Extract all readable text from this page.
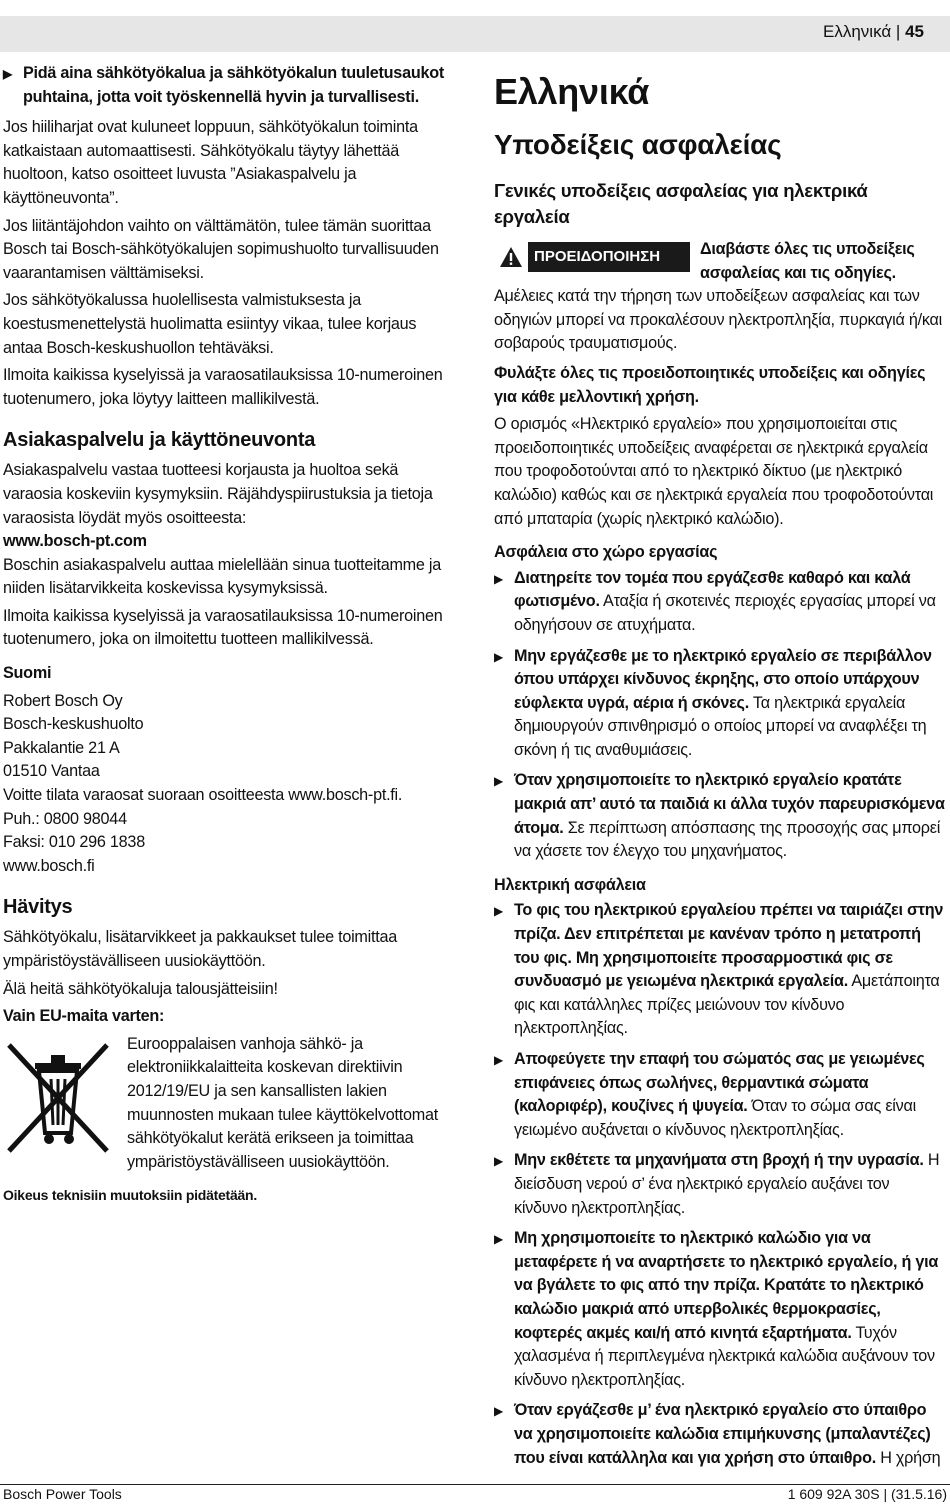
Ελληνικά | 45
▶ Pidä aina sähkötyökalua ja sähkötyökalun tuuletusaukot puhtaina, jotta voit työskennellä hyvin ja turvallisesti.

Jos hiiliharjat ovat kuluneet loppuun, sähkötyökalun toiminta katkaistaan automaattisesti. Sähkötyökalu täytyy lähettää huoltoon, katso osoitteet luvusta ”Asiakaspalvelu ja käyttöneuvonta”.

Jos liitäntäjohdon vaihto on välttämätön, tulee tämän suorittaa Bosch tai Bosch-sähkötyökalujen sopimushuolto turvallisuuden vaarantamisen välttämiseksi.

Jos sähkötyökalussa huolellisesta valmistuksesta ja koestusmenettelystä huolimatta esiintyy vikaa, tulee korjaus antaa Bosch-keskushuollon tehtäväksi.

Ilmoita kaikissa kyselyissä ja varaosatilauksissa 10-numeroinen tuotenumero, joka löytyy laitteen mallikilvestä.

Asiakaspalvelu ja käyttöneuvonta

Asiakaspalvelu vastaa tuotteesi korjausta ja huoltoa sekä varaosia koskeviin kysymyksiin. Räjähdyspiirustuksia ja tietoja varaosista löydät myös osoitteesta:

www.bosch-pt.com

Boschin asiakaspalvelu auttaa mielellään sinua tuotteitamme ja niiden lisätarvikkeita koskevissa kysymyksissä.

Ilmoita kaikissa kyselyissä ja varaosatilauksissa 10-numeroinen tuotenumero, joka on ilmoitettu tuotteen mallikilvessä.

Suomi
Robert Bosch Oy
Bosch-keskushuolto
Pakkalantie 21 A
01510 Vantaa
Voitte tilata varaosat suoraan osoitteesta www.bosch-pt.fi.
Puh.: 0800 98044
Faksi: 010 296 1838
www.bosch.fi
Hävitys

Sähkötyökalu, lisätarvikkeet ja pakkaukset tulee toimittaa ympäristöystävälliseen uusiokäyttöön.

Älä heitä sähkötyökaluja talousjätteisiin!

Vain EU-maita varten:

Eurooppalaisen vanhoja sähkö- ja elektroniikkalaitteita koskevan direktiivin 2012/19/EU ja sen kansallisten lakien muunnosten mukaan tulee käyttökelvottomat sähkötyökalut kerätä erikseen ja toimittaa ympäristöystävälliseen uusiokäyttöön.

Oikeus teknisiin muutoksiin pidätetään.
Ελληνικά
Υποδείξεις ασφαλείας
Γενικές υποδείξεις ασφαλείας για ηλεκτρικά εργαλεία
ΠΡΟΕΙΔΟΠΟΙΗΣΗ	Διαβάστε όλες τις υποδείξεις ασφαλείας και τις οδηγίες. Αμέλειες κατά την τήρηση των υποδείξεων ασφαλείας και των οδηγιών μπορεί να προκαλέσουν ηλεκτροπληξία, πυρκαγιά ή/και σοβαρούς τραυματισμούς.

Φυλάξτε όλες τις προειδοποιητικές υποδείξεις και οδηγίες για κάθε μελλοντική χρήση.

Ο ορισμός «Ηλεκτρικό εργαλείο» που χρησιμοποιείται στις προειδοποιητικές υποδείξεις αναφέρεται σε ηλεκτρικά εργαλεία που τροφοδοτούνται από το ηλεκτρικό δίκτυο (με ηλεκτρικό καλώδιο) καθώς και σε ηλεκτρικά εργαλεία που τροφοδοτούνται από μπαταρία (χωρίς ηλεκτρικό καλώδιο).

Ασφάλεια στο χώρο εργασίας
▶ Διατηρείτε τον τομέα που εργάζεσθε καθαρό και καλά φωτισμένο. Αταξία ή σκοτεινές περιοχές εργασίας μπορεί να οδηγήσουν σε ατυχήματα.
▶ Μην εργάζεσθε με το ηλεκτρικό εργαλείο σε περιβάλλον όπου υπάρχει κίνδυνος έκρηξης, στο οποίο υπάρχουν εύφλεκτα υγρά, αέρια ή σκόνες. Τα ηλεκτρικά εργαλεία δημιουργούν σπινθηρισμό ο οποίος μπορεί να αναφλέξει τη σκόνη ή τις αναθυμιάσεις.
▶ Όταν χρησιμοποιείτε το ηλεκτρικό εργαλείο κρατάτε μακριά απ’ αυτό τα παιδιά κι άλλα τυχόν παρευρισκόμενα άτομα. Σε περίπτωση απόσπασης της προσοχής σας μπορεί να χάσετε τον έλεγχο του μηχανήματος.
Ηλεκτρική ασφάλεια
▶ Το φις του ηλεκτρικού εργαλείου πρέπει να ταιριάζει στην πρίζα. Δεν επιτρέπεται με κανέναν τρόπο η μετατροπή του φις. Μη χρησιμοποιείτε προσαρμοστικά φις σε συνδυασμό με γειωμένα ηλεκτρικά εργαλεία. Αμετάποιητα φις και κατάλληλες πρίζες μειώνουν τον κίνδυνο ηλεκτροπληξίας.
▶ Αποφεύγετε την επαφή του σώματός σας με γειωμένες επιφάνειες όπως σωλήνες, θερμαντικά σώματα (καλοριφέρ), κουζίνες ή ψυγεία. Όταν το σώμα σας είναι γειωμένο αυξάνεται ο κίνδυνος ηλεκτροπληξίας.
▶ Μην εκθέτετε τα μηχανήματα στη βροχή ή την υγρασία. Η διείσδυση νερού σ’ ένα ηλεκτρικό εργαλείο αυξάνει τον κίνδυνο ηλεκτροπληξίας.
▶ Μη χρησιμοποιείτε το ηλεκτρικό καλώδιο για να μεταφέρετε ή να αναρτήσετε το ηλεκτρικό εργαλείο, ή για να βγάλετε το φις από την πρίζα. Κρατάτε το ηλεκτρικό καλώδιο μακριά από υπερβολικές θερμοκρασίες, κοφτερές ακμές και/ή από κινητά εξαρτήματα. Τυχόν χαλασμένα ή περιπλεγμένα ηλεκτρικά καλώδια αυξάνουν τον κίνδυνο ηλεκτροπληξίας.
▶ Όταν εργάζεσθε μ’ ένα ηλεκτρικό εργαλείο στο ύπαιθρο να χρησιμοποιείτε καλώδια επιμήκυνσης (μπαλαντέζες) που είναι κατάλληλα και για χρήση στο ύπαιθρο. Η χρήση
Bosch Power Tools	1 609 92A 30S | (31.5.16)
